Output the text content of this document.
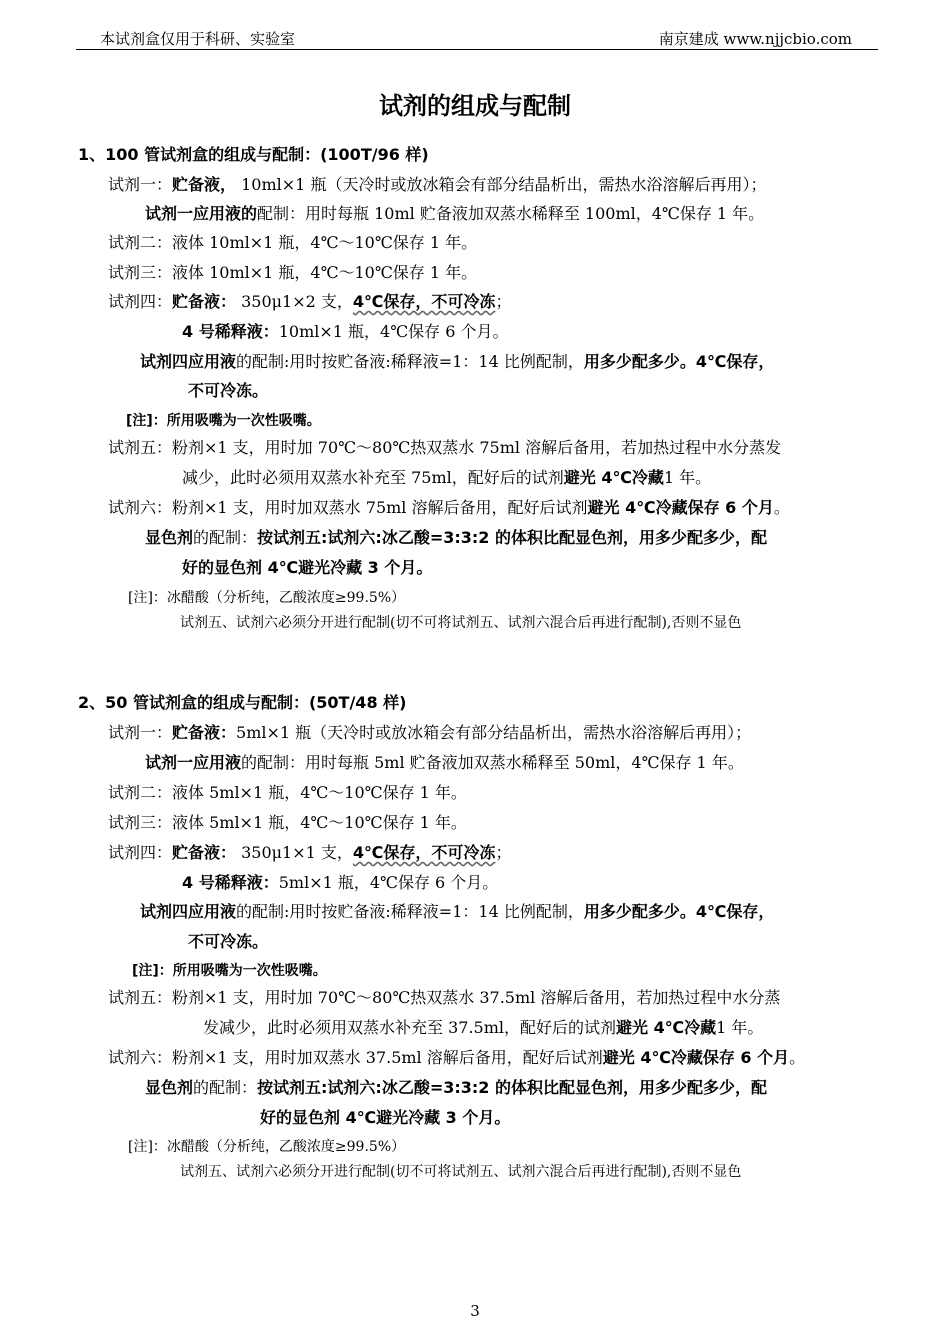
本试剂盒仅用于科研、实验室	南京建成 www.njjcbio.com
试剂的组成与配制
1、100 管试剂盒的组成与配制：(100T/96 样)
试剂一：贮备液， 10ml×1 瓶（天冷时或放冰箱会有部分结晶析出，需热水浴溶解后再用）；
试剂一应用液的配制：用时每瓶 10ml 贮备液加双蒸水稀释至 100ml，4℃保存 1 年。
试剂二：液体 10ml×1 瓶，4℃～10℃保存 1 年。
试剂三：液体 10ml×1 瓶，4℃～10℃保存 1 年。
试剂四：贮备液： 350μ1×2 支，4℃保存，不可冷冻；
4 号稀释液：10ml×1 瓶，4℃保存 6 个月。
试剂四应用液的配制:用时按贮备液:稀释液=1：14 比例配制，用多少配多少。4℃保存，
不可冷冻。
[注]：所用吸嘴为一次性吸嘴。
试剂五：粉剂×1 支，用时加 70℃～80℃热双蒸水 75ml 溶解后备用，若加热过程中水分蒸发
减少，此时必须用双蒸水补充至 75ml，配好后的试剂避光 4℃冷藏1 年。
试剂六：粉剂×1 支，用时加双蒸水 75ml 溶解后备用，配好后试剂避光 4℃冷藏保存 6 个月。
显色剂的配制：按试剂五:试剂六:冰乙酸=3:3:2 的体积比配显色剂，用多少配多少，配
好的显色剂 4℃避光冷藏 3 个月。
[注]：冰醋酸（分析纯，乙酸浓度≥99.5%）
试剂五、试剂六必须分开进行配制(切不可将试剂五、试剂六混合后再进行配制),否则不显色
2、50 管试剂盒的组成与配制：(50T/48 样)
试剂一：贮备液：5ml×1 瓶（天冷时或放冰箱会有部分结晶析出，需热水浴溶解后再用）；
试剂一应用液的配制：用时每瓶 5ml 贮备液加双蒸水稀释至 50ml，4℃保存 1 年。
试剂二：液体 5ml×1 瓶，4℃～10℃保存 1 年。
试剂三：液体 5ml×1 瓶，4℃～10℃保存 1 年。
试剂四：贮备液： 350μ1×1 支，4℃保存，不可冷冻；
4 号稀释液：5ml×1 瓶，4℃保存 6 个月。
试剂四应用液的配制:用时按贮备液:稀释液=1：14 比例配制，用多少配多少。4℃保存，
不可冷冻。
[注]：所用吸嘴为一次性吸嘴。
试剂五：粉剂×1 支，用时加 70℃～80℃热双蒸水 37.5ml 溶解后备用，若加热过程中水分蒸
发减少，此时必须用双蒸水补充至 37.5ml，配好后的试剂避光 4℃冷藏1 年。
试剂六：粉剂×1 支，用时加双蒸水 37.5ml 溶解后备用，配好后试剂避光 4℃冷藏保存 6 个月。
显色剂的配制：按试剂五:试剂六:冰乙酸=3:3:2 的体积比配显色剂，用多少配多少，配
好的显色剂 4℃避光冷藏 3 个月。
[注]：冰醋酸（分析纯，乙酸浓度≥99.5%）
试剂五、试剂六必须分开进行配制(切不可将试剂五、试剂六混合后再进行配制),否则不显色
3
